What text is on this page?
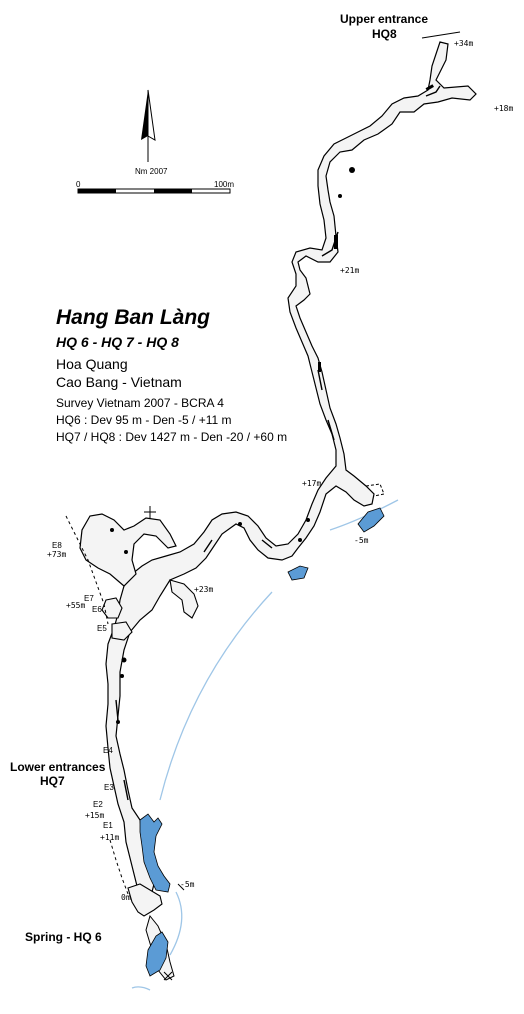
Upper entrance
HQ8
+34m
+18m
+21m
+17m
-5m
+23m
+73m
+55m
+15m
+11m
-5m
0m
E8
E7
E6
E5
E4
E3
E2
E1
Nm 2007
0	100m
Hang Ban Làng
HQ 6 - HQ 7 - HQ 8
Hoa Quang
Cao Bang - Vietnam
Survey Vietnam 2007 - BCRA 4
HQ6 : Dev 95 m - Den -5 / +11 m
HQ7 / HQ8 : Dev 1427 m - Den -20 / +60 m
Lower entrances
HQ7
Spring - HQ 6
